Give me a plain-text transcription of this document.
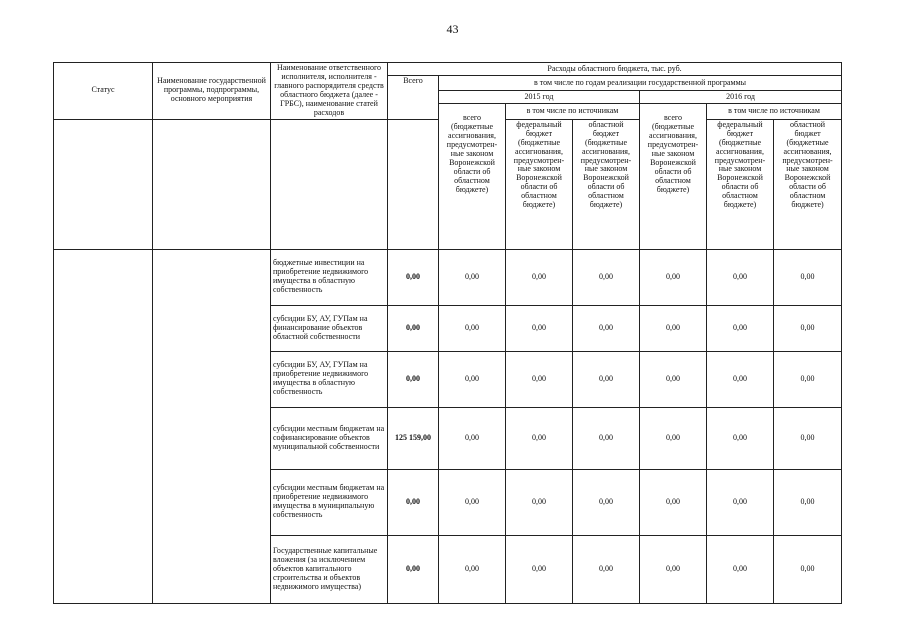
43
Статус	Наименование государственной программы, подпрограммы, основного мероприятия	Наименование ответственного исполнителя, исполнителя - главного распорядителя средств областного бюджета (далее - ГРБС), наименование статей расходов	Расходы областного бюджета, тыс. руб.						
			Всего	в том числе по годам реализации государственной программы					
				2015 год			2016 год		
				всего (бюджетные ассигнования, предусмотрен-ные законом Воронежской области об областном бюджете)	в том числе по источникам		всего (бюджетные ассигнования, предусмотрен-ные законом Воронежской области об областном бюджете)	в том числе по источникам	
					федеральный бюджет (бюджетные ассигнования, предусмотрен-ные законом Воронежской области об областном бюджете)	областной бюджет (бюджетные ассигнования, предусмотрен-ные законом Воронежской области об областном бюджете)		федеральный бюджет (бюджетные ассигнования, предусмотрен-ные законом Воронежской области об областном бюджете)	областной бюджет (бюджетные ассигнования, предусмотрен-ные законом Воронежской области об областном бюджете)
		бюджетные инвестиции на приобретение недвижимого имущества в областную собственность	0,00	0,00	0,00	0,00	0,00	0,00	0,00
		субсидии БУ, АУ, ГУПам на финансирование объектов областной собственности	0,00	0,00	0,00	0,00	0,00	0,00	0,00
		субсидии БУ, АУ, ГУПам на приобретение недвижимого имущества в областную собственность	0,00	0,00	0,00	0,00	0,00	0,00	0,00
		субсидии местным бюджетам на софинансирование объектов муниципальной собственности	125 159,00	0,00	0,00	0,00	0,00	0,00	0,00
		субсидии местным бюджетам на приобретение недвижимого имущества в муниципальную собственность	0,00	0,00	0,00	0,00	0,00	0,00	0,00
		Государственные капитальные вложения (за исключением объектов капитального строительства и объектов недвижимого имущества)	0,00	0,00	0,00	0,00	0,00	0,00	0,00
